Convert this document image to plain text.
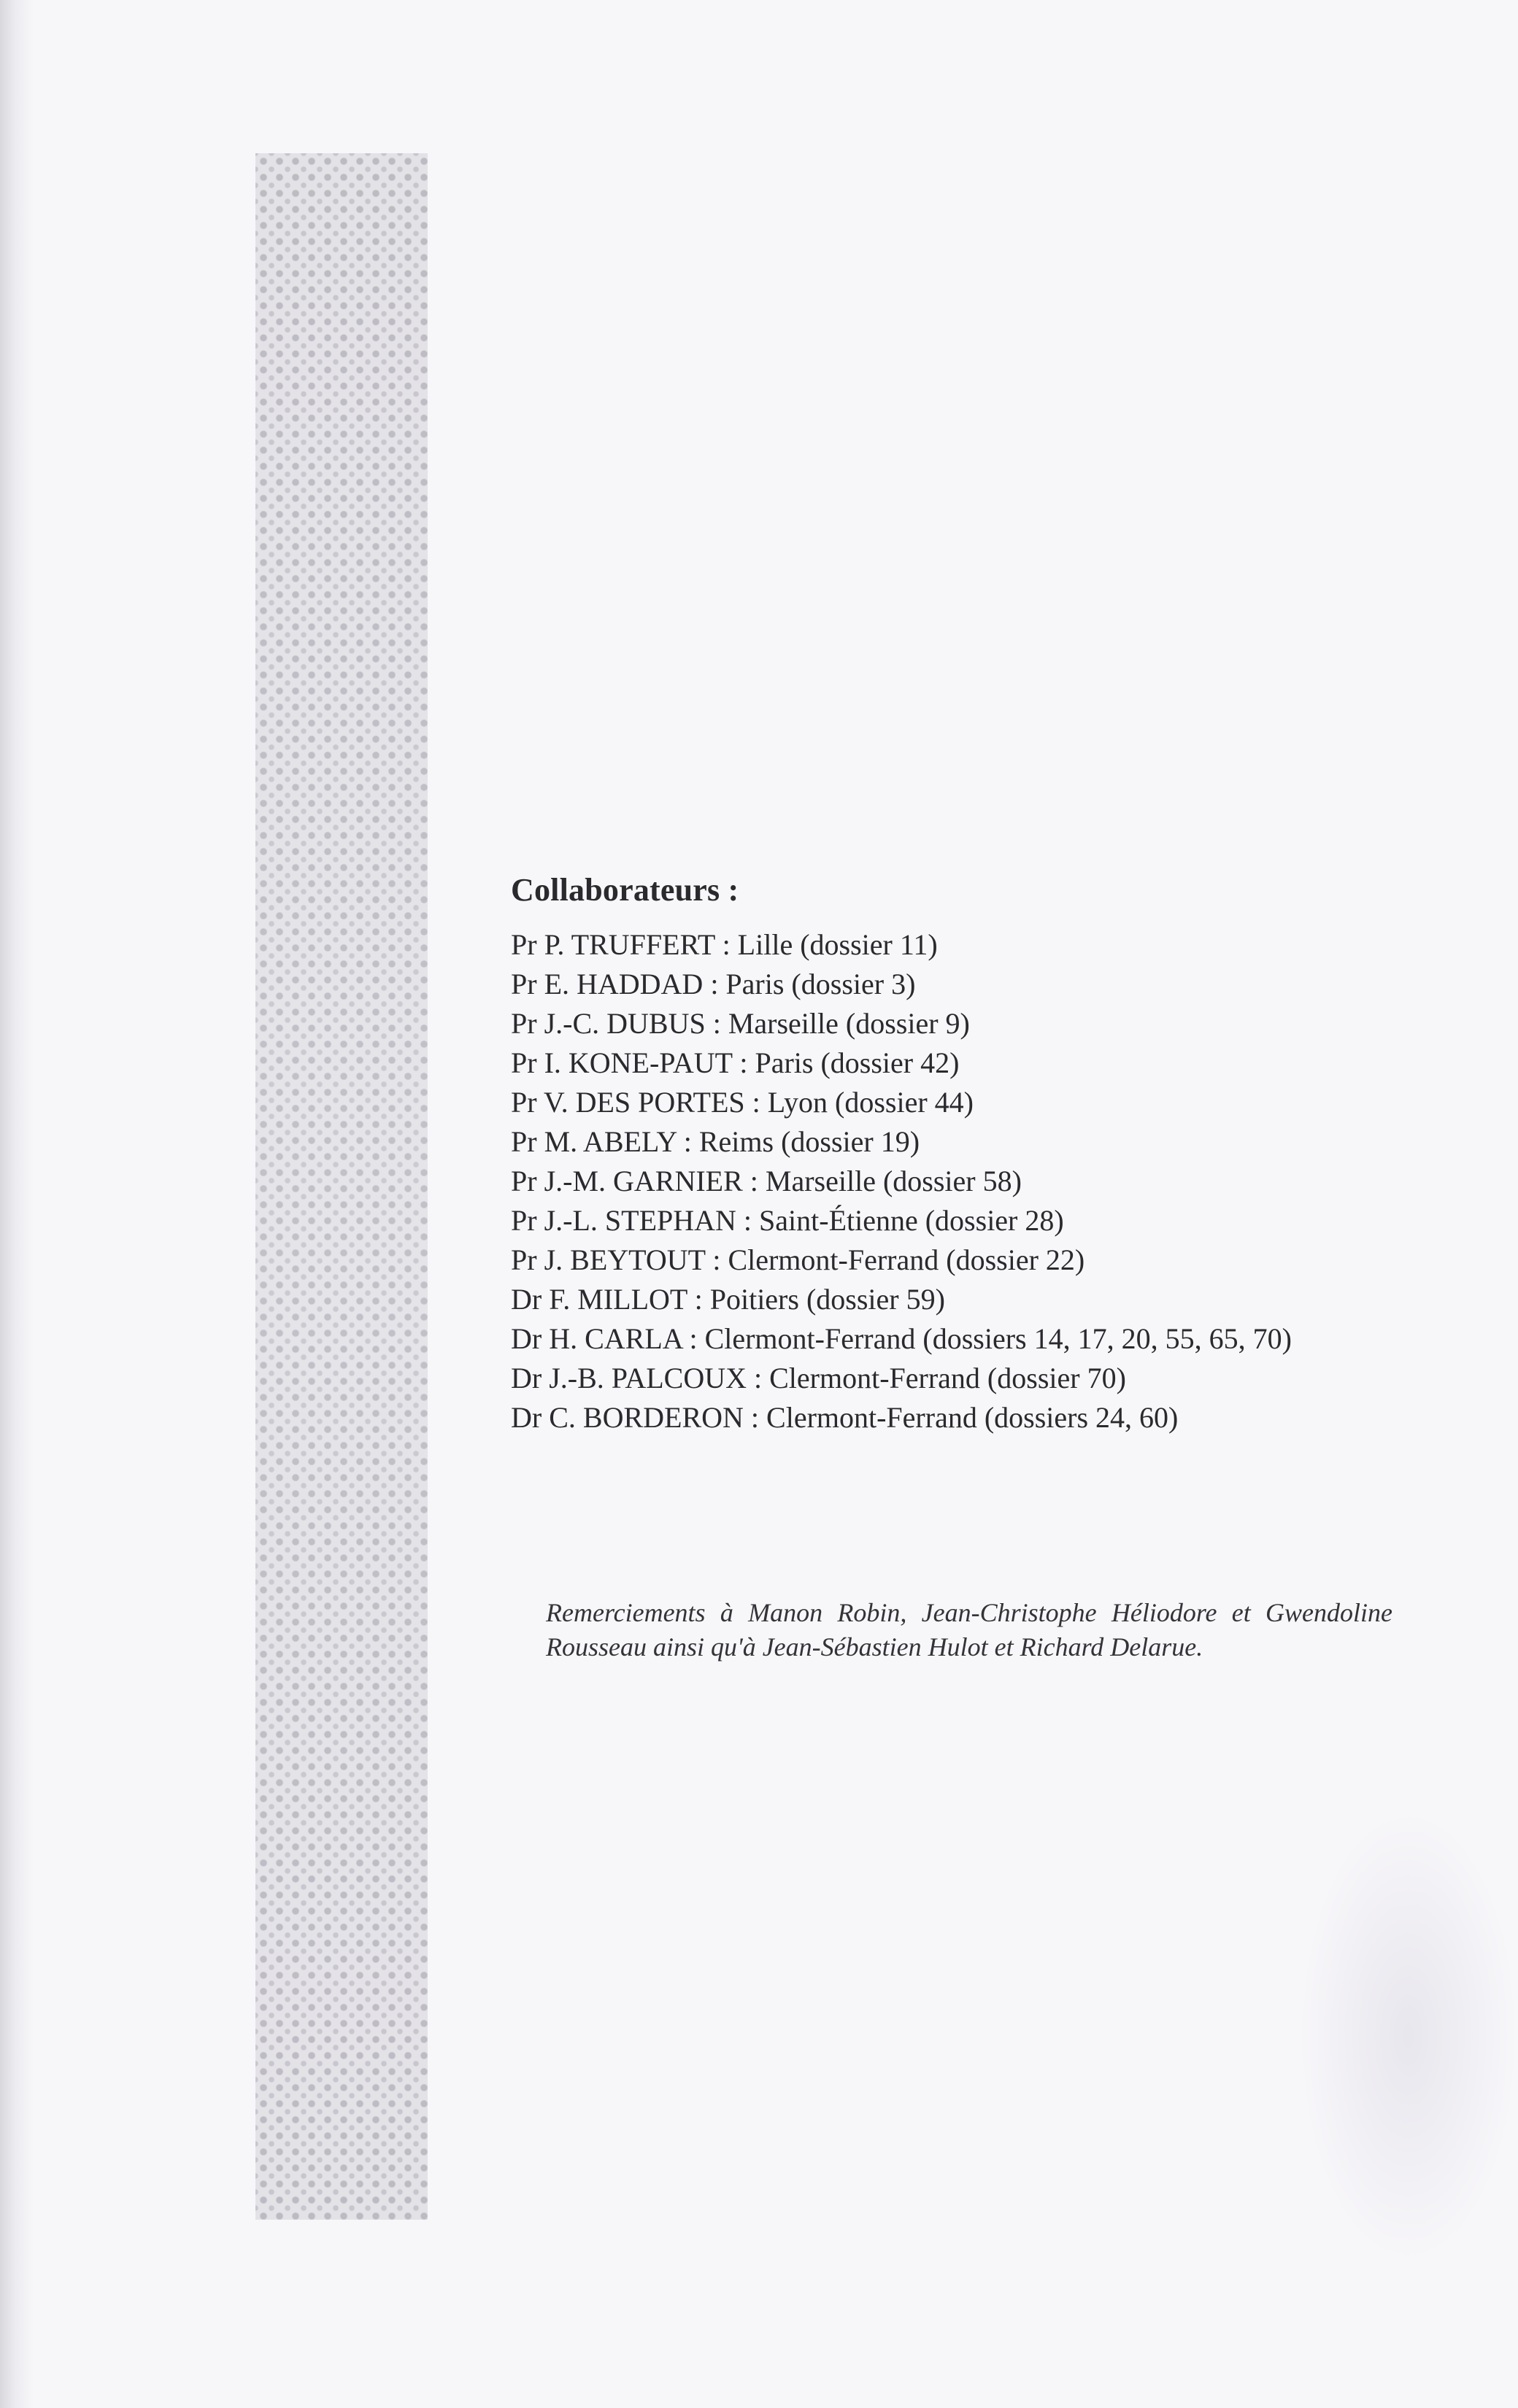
Collaborateurs :
Pr P. TRUFFERT : Lille (dossier 11)
Pr E. HADDAD : Paris (dossier 3)
Pr J.-C. DUBUS : Marseille (dossier 9)
Pr I. KONE-PAUT : Paris (dossier 42)
Pr V. DES PORTES : Lyon (dossier 44)
Pr M. ABELY : Reims (dossier 19)
Pr J.-M. GARNIER : Marseille (dossier 58)
Pr J.-L. STEPHAN : Saint-Étienne (dossier 28)
Pr J. BEYTOUT : Clermont-Ferrand (dossier 22)
Dr F. MILLOT : Poitiers (dossier 59)
Dr H. CARLA : Clermont-Ferrand (dossiers 14, 17, 20, 55, 65, 70)
Dr J.-B. PALCOUX : Clermont-Ferrand (dossier 70)
Dr C. BORDERON : Clermont-Ferrand (dossiers 24, 60)

Remerciements à Manon Robin, Jean-Christophe Héliodore et Gwendoline Rousseau ainsi qu'à Jean-Sébastien Hulot et Richard Delarue.
